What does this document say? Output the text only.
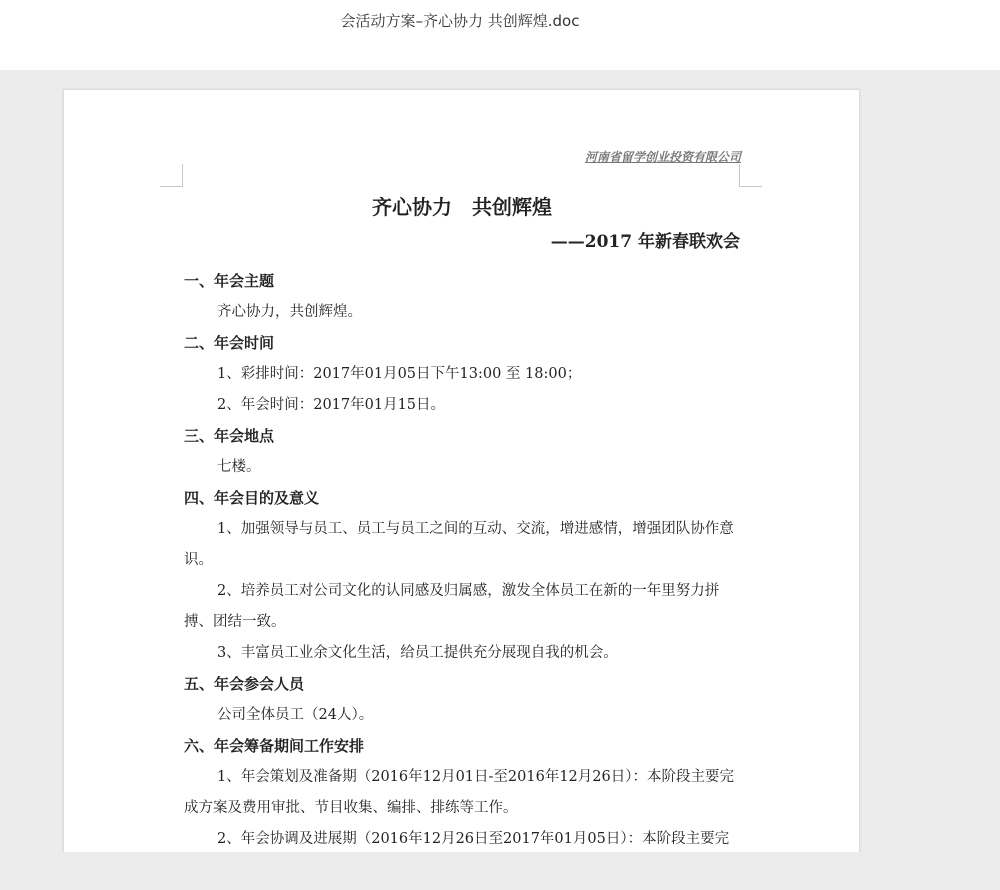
会活动方案–齐心协力 共创辉煌.doc
河南省留学创业投资有限公司

齐心协力　共创辉煌

——2017 年新春联欢会

一、年会主题

齐心协力，共创辉煌。

二、年会时间

1、彩排时间：2017年01月05日下午13:00 至 18:00；

2、年会时间：2017年01月15日。

三、年会地点

七楼。

四、年会目的及意义

1、加强领导与员工、员工与员工之间的互动、交流，增进感情，增强团队协作意识。

2、培养员工对公司文化的认同感及归属感，激发全体员工在新的一年里努力拼搏、团结一致。

3、丰富员工业余文化生活，给员工提供充分展现自我的机会。

五、年会参会人员

公司全体员工（24人）。

六、年会筹备期间工作安排

1、年会策划及准备期（2016年12月01日-至2016年12月26日）：本阶段主要完成方案及费用审批、节目收集、编排、排练等工作。

2、年会协调及进展期（2016年12月26日至2017年01月05日）：本阶段主要完
